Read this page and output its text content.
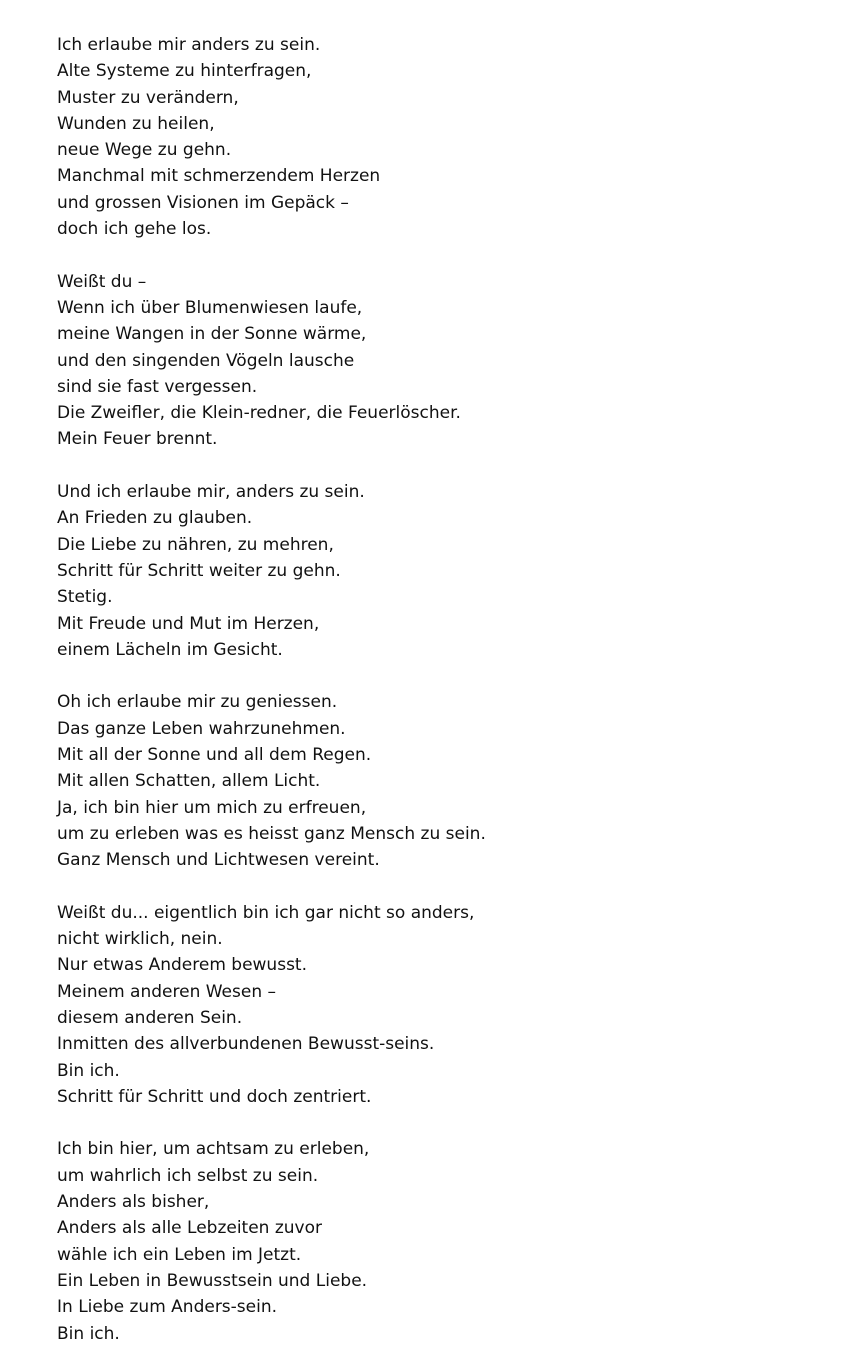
Ich erlaube mir anders zu sein.
Alte Systeme zu hinterfragen,
Muster zu verändern,
Wunden zu heilen,
neue Wege zu gehn.
Manchmal mit schmerzendem Herzen
und grossen Visionen im Gepäck –
doch ich gehe los.
Weißt du –
Wenn ich über Blumenwiesen laufe,
meine Wangen in der Sonne wärme,
und den singenden Vögeln lausche
sind sie fast vergessen.
Die Zweifler, die Klein-redner, die Feuerlöscher.
Mein Feuer brennt.
Und ich erlaube mir, anders zu sein.
An Frieden zu glauben.
Die Liebe zu nähren, zu mehren,
Schritt für Schritt weiter zu gehn.
Stetig.
Mit Freude und Mut im Herzen,
einem Lächeln im Gesicht.
Oh ich erlaube mir zu geniessen.
Das ganze Leben wahrzunehmen.
Mit all der Sonne und all dem Regen.
Mit allen Schatten, allem Licht.
Ja, ich bin hier um mich zu erfreuen,
um zu erleben was es heisst ganz Mensch zu sein.
Ganz Mensch und Lichtwesen vereint.
Weißt du... eigentlich bin ich gar nicht so anders,
nicht wirklich, nein.
Nur etwas Anderem bewusst.
Meinem anderen Wesen –
diesem anderen Sein.
Inmitten des allverbundenen Bewusst-seins.
Bin ich.
Schritt für Schritt und doch zentriert.
Ich bin hier, um achtsam zu erleben,
um wahrlich ich selbst zu sein.
Anders als bisher,
Anders als alle Lebzeiten zuvor
wähle ich ein Leben im Jetzt.
Ein Leben in Bewusstsein und Liebe.
In Liebe zum Anders-sein.
Bin ich.
